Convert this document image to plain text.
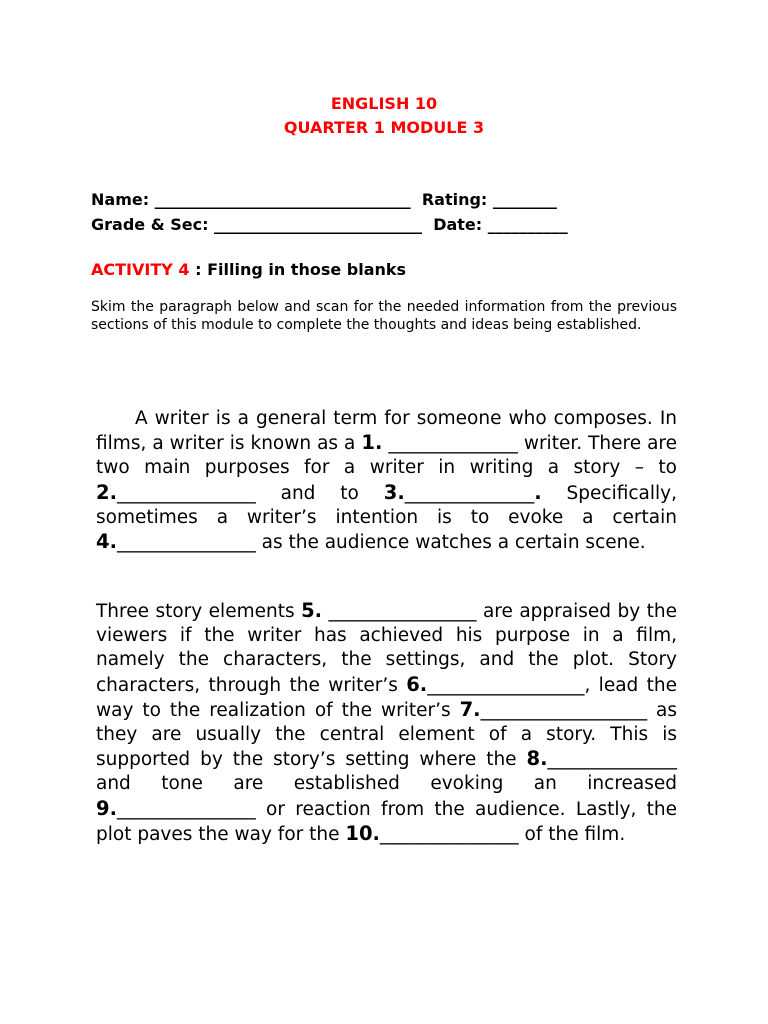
ENGLISH 10
QUARTER 1 MODULE 3
Name: ________________________________  Rating: ________
Grade & Sec: __________________________  Date: __________
ACTIVITY 4 : Filling in those blanks
Skim the paragraph below and scan for the needed information from the previous sections of this module to complete the thoughts and ideas being established.
A writer is a general term for someone who composes. In films, a writer is known as a 1. ______________ writer. There are two main purposes for a writer in writing a story – to 2._______________ and to 3.______________. Specifically, sometimes a writer’s intention is to evoke a certain 4._______________ as the audience watches a certain scene.
Three story elements 5. ________________ are appraised by the viewers if the writer has achieved his purpose in a film, namely the characters, the settings, and the plot. Story characters, through the writer’s 6._________________, lead the way to the realization of the writer’s 7.__________________ as they are usually the central element of a story. This is supported by the story’s setting where the 8.______________ and tone are established evoking an increased 9._______________ or reaction from the audience. Lastly, the plot paves the way for the 10._______________ of the film.
